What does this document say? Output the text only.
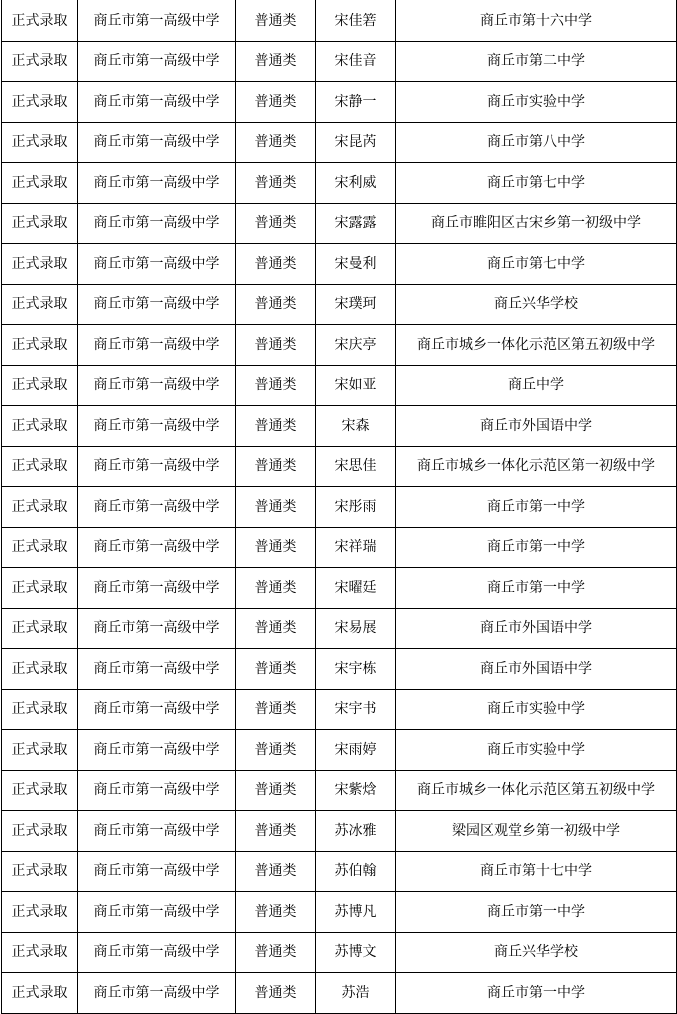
正式录取	商丘市第一高级中学	普通类	宋佳箬	商丘市第十六中学
正式录取	商丘市第一高级中学	普通类	宋佳音	商丘市第二中学
正式录取	商丘市第一高级中学	普通类	宋静一	商丘市实验中学
正式录取	商丘市第一高级中学	普通类	宋昆芮	商丘市第八中学
正式录取	商丘市第一高级中学	普通类	宋利威	商丘市第七中学
正式录取	商丘市第一高级中学	普通类	宋露露	商丘市睢阳区古宋乡第一初级中学
正式录取	商丘市第一高级中学	普通类	宋曼利	商丘市第七中学
正式录取	商丘市第一高级中学	普通类	宋璞珂	商丘兴华学校
正式录取	商丘市第一高级中学	普通类	宋庆亭	商丘市城乡一体化示范区第五初级中学
正式录取	商丘市第一高级中学	普通类	宋如亚	商丘中学
正式录取	商丘市第一高级中学	普通类	宋森	商丘市外国语中学
正式录取	商丘市第一高级中学	普通类	宋思佳	商丘市城乡一体化示范区第一初级中学
正式录取	商丘市第一高级中学	普通类	宋彤雨	商丘市第一中学
正式录取	商丘市第一高级中学	普通类	宋祥瑞	商丘市第一中学
正式录取	商丘市第一高级中学	普通类	宋曜廷	商丘市第一中学
正式录取	商丘市第一高级中学	普通类	宋易展	商丘市外国语中学
正式录取	商丘市第一高级中学	普通类	宋宇栋	商丘市外国语中学
正式录取	商丘市第一高级中学	普通类	宋宇书	商丘市实验中学
正式录取	商丘市第一高级中学	普通类	宋雨婷	商丘市实验中学
正式录取	商丘市第一高级中学	普通类	宋紫焓	商丘市城乡一体化示范区第五初级中学
正式录取	商丘市第一高级中学	普通类	苏冰雅	梁园区观堂乡第一初级中学
正式录取	商丘市第一高级中学	普通类	苏伯翰	商丘市第十七中学
正式录取	商丘市第一高级中学	普通类	苏博凡	商丘市第一中学
正式录取	商丘市第一高级中学	普通类	苏博文	商丘兴华学校
正式录取	商丘市第一高级中学	普通类	苏浩	商丘市第一中学
